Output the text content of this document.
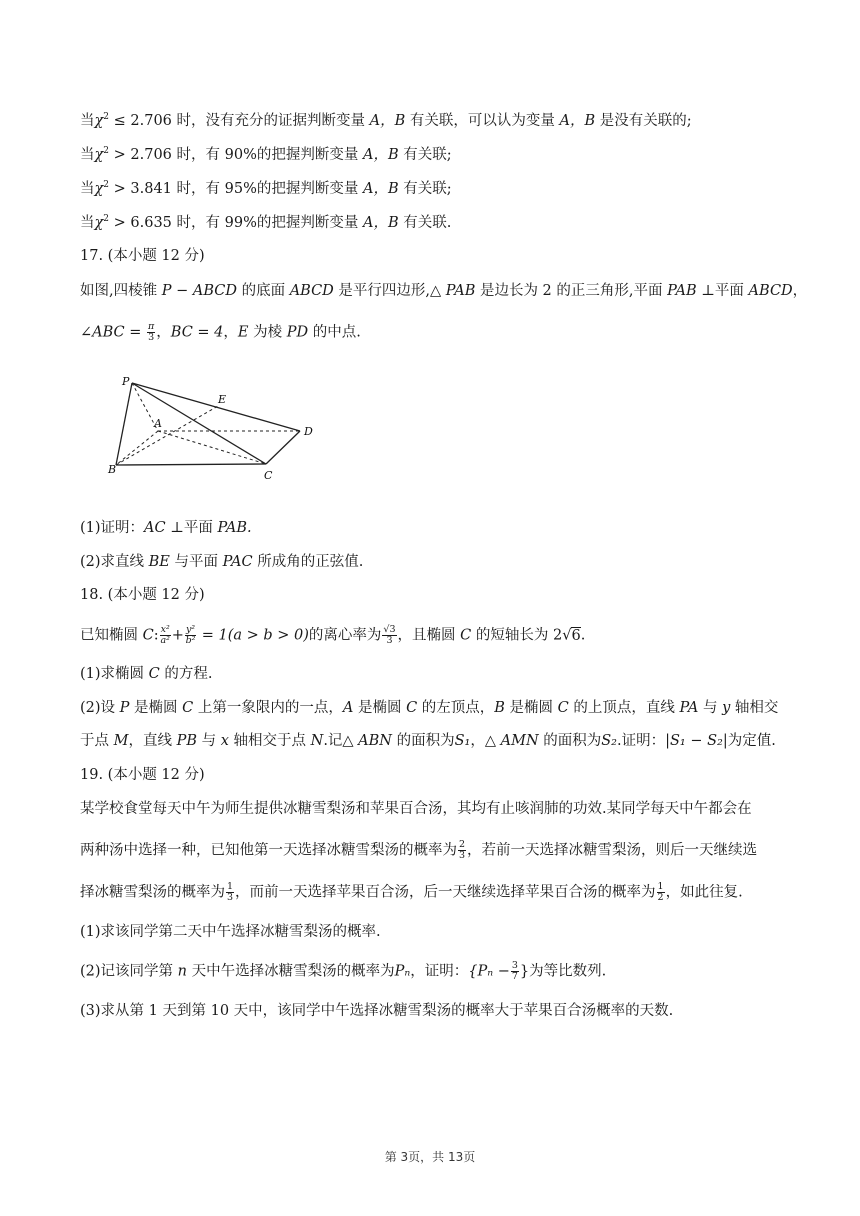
当$\chi^2 \le 2.706$ 时，没有充分的证据判断变量 A，B 有关联，可以认为变量 A，B 是没有关联的;
当$\chi^2 > 2.706$ 时，有 90%的把握判断变量 A，B 有关联;
当$\chi^2 > 3.841$ 时，有 95%的把握判断变量 A，B 有关联;
当$\chi^2 > 6.635$ 时，有 99%的把握判断变量 A，B 有关联.
17. (本小题 12 分)
如图,四棱锥 P − ABCD 的底面 ABCD 是平行四边形,△ PAB 是边长为 2 的正三角形,平面 PAB ⊥平面 ABCD，
∠ABC = $\frac{\pi}{3}$ ，BC = 4，E 为棱 PD 的中点.
P
E
A
D
B	C
(1)证明：AC ⊥平面 PAB.
(2)求直线 BE 与平面 PAC 所成角的正弦值.
18. (本小题 12 分)
已知椭圆 C: $\frac{\text{x²}}{\text{a²}} + \frac{\text{y²}}{\text{b²}} = 1(a > b > 0)$的离心率为 $\frac{√3}{3}$ ，且椭圆 C 的短轴长为 2√6.
(1)求椭圆 C 的方程.
(2)设 P 是椭圆 C 上第一象限内的一点，A 是椭圆 C 的左顶点，B 是椭圆 C 的上顶点，直线 PA 与 y 轴相交
于点 M，直线 PB 与 x 轴相交于点 N.记△ ABN 的面积为S₁，△ AMN 的面积为S₂.证明：|S₁ − S₂|为定值.
19. (本小题 12 分)
某学校食堂每天中午为师生提供冰糖雪梨汤和苹果百合汤，其均有止咳润肺的功效.某同学每天中午都会在
两种汤中选择一种，已知他第一天选择冰糖雪梨汤的概率为 $\frac{2}{3}$ ，若前一天选择冰糖雪梨汤，则后一天继续选
择冰糖雪梨汤的概率为 $\frac{1}{3}$ ，而前一天选择苹果百合汤，后一天继续选择苹果百合汤的概率为 $\frac{1}{2}$ ，如此往复.
(1)求该同学第二天中午选择冰糖雪梨汤的概率.
(2)记该同学第 n 天中午选择冰糖雪梨汤的概率为Pₙ，证明：{$P_n - \frac{3}{7}$ }为等比数列.
(3)求从第 1 天到第 10 天中，该同学中午选择冰糖雪梨汤的概率大于苹果百合汤概率的天数.
第 3页，共 13页
